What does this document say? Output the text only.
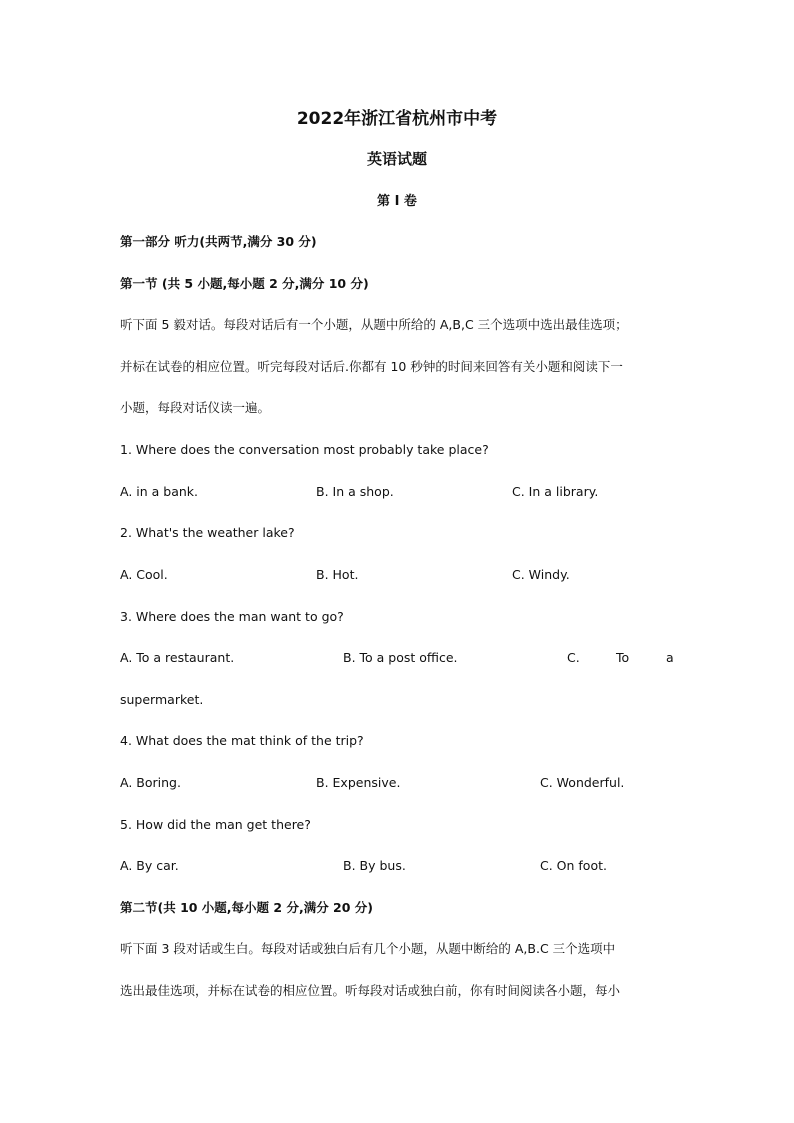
2022年浙江省杭州市中考
英语试题
第 I 卷
第一部分 听力(共两节,满分 30 分)
第一节 (共 5 小题,每小题 2 分,满分 10 分)
听下面 5 毅对话。每段对话后有一个小题，从题中所给的 A,B,C 三个选项中选出最佳选项；
并标在试卷的相应位置。听完每段对话后.你都有 10 秒钟的时间来回答有关小题和阅读下一
小题，每段对话仪读一遍。
1. Where does the conversation most probably take place?
A. in a bank.	B. In a shop.	C. In a library.
2. What's the weather lake?
A. Cool.	B. Hot.	C. Windy.
3. Where does the man want to go?
A. To a restaurant.	B. To a post office.	C.	To	a
supermarket.
4. What does the mat think of the trip?
A. Boring.	B. Expensive.	C. Wonderful.
5. How did the man get there?
A. By car.	B. By bus.	C. On foot.
第二节(共 10 小题,每小题 2 分,满分 20 分)
听下面 3 段对话或生白。每段对话或独白后有几个小题，从题中断给的 A,B.C 三个选项中
选出最佳选项，并标在试卷的相应位置。听每段对话或独白前，你有时间阅读各小题，每小
